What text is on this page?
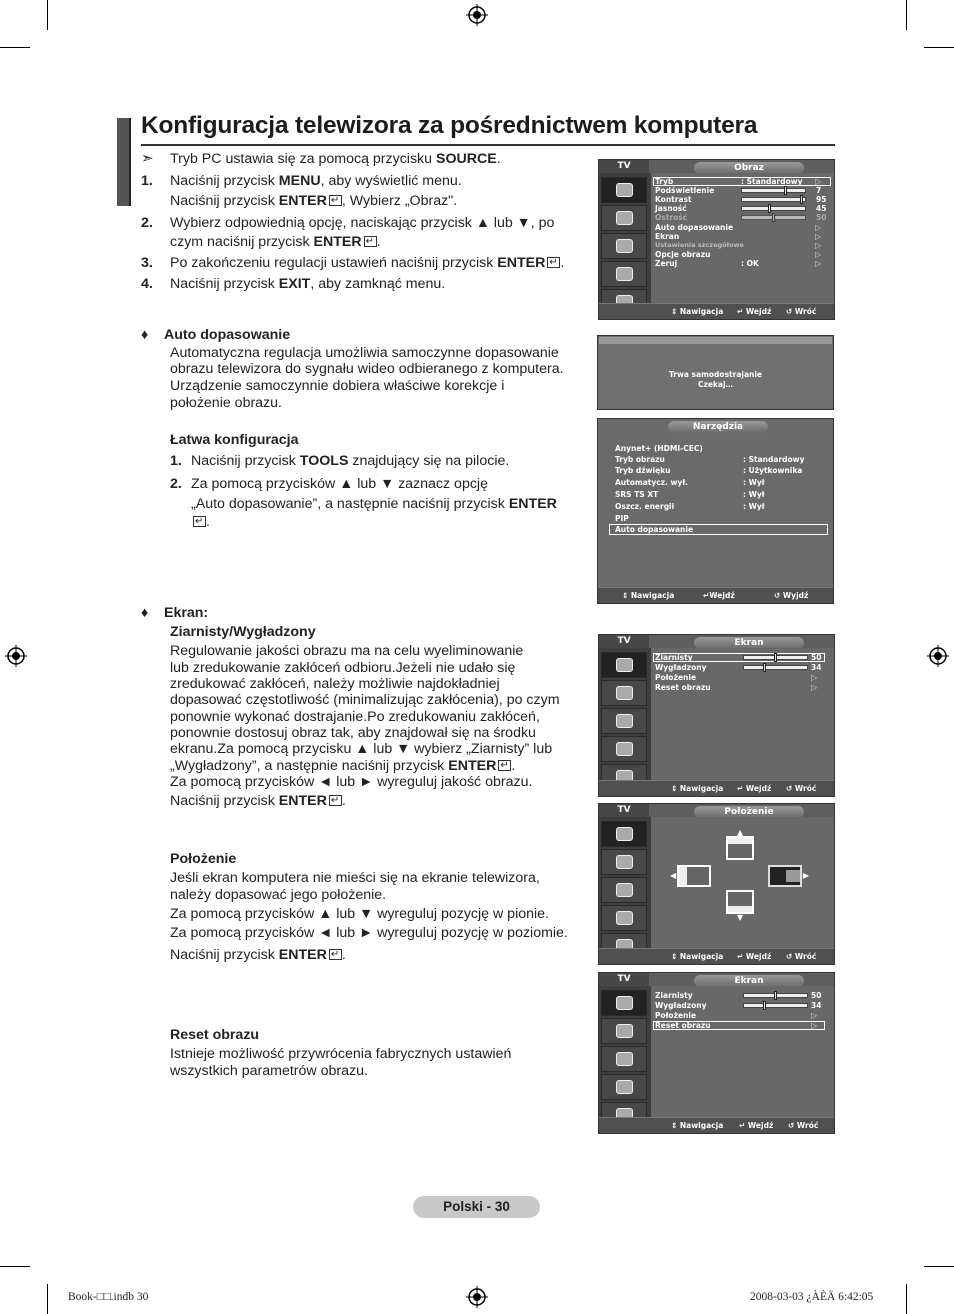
Konfiguracja telewizora za pośrednictwem komputera
➣ Tryb PC ustawia się za pomocą przycisku SOURCE.
1. Naciśnij przycisk MENU, aby wyświetlić menu.
Naciśnij przycisk ENTER ↵ , Wybierz „Obraz".
2. Wybierz odpowiednią opcję, naciskając przycisk ▲ lub ▼, po
czym naciśnij przycisk ENTER ↵ .
3. Po zakończeniu regulacji ustawień naciśnij przycisk ENTER ↵ .
4. Naciśnij przycisk EXIT, aby zamknąć menu.
♦ Auto dopasowanie
Automatyczna regulacja umożliwia samoczynne dopasowanie
obrazu telewizora do sygnału wideo odbieranego z komputera.
Urządzenie samoczynnie dobiera właściwe korekcje i
położenie obrazu.
Łatwa konfiguracja
1. Naciśnij przycisk TOOLS znajdujący się na pilocie.
2. Za pomocą przycisków ▲ lub ▼ zaznacz opcję
„Auto dopasowanie”, a następnie naciśnij przycisk ENTER
↵.
♦ Ekran:
Ziarnisty/Wygładzony
Regulowanie jakości obrazu ma na celu wyeliminowanie
lub zredukowanie zakłóceń odbioru.Jeżeli nie udało się
zredukować zakłóceń, należy możliwie najdokładniej
dopasować częstotliwość (minimalizując zakłócenia), po czym
ponownie wykonać dostrajanie.Po zredukowaniu zakłóceń,
ponownie dostosuj obraz tak, aby znajdował się na środku
ekranu.Za pomocą przycisku ▲ lub ▼ wybierz „Ziarnisty” lub
„Wygładzony”, a następnie naciśnij przycisk ENTER ↵ .
Za pomocą przycisków ◄ lub ► wyreguluj jakość obrazu.
Naciśnij przycisk ENTER ↵ .
Położenie
Jeśli ekran komputera nie mieści się na ekranie telewizora,
należy dopasować jego położenie.
Za pomocą przycisków ▲ lub ▼ wyreguluj pozycję w pionie.
Za pomocą przycisków ◄ lub ► wyreguluj pozycję w poziomie.
Naciśnij przycisk ENTER ↵ .
Reset obrazu
Istnieje możliwość przywrócenia fabrycznych ustawień
wszystkich parametrów obrazu.
TV	Obraz
Tryb	: Standardowy ▷
Podświetlenie	7
Kontrast	95
Jasność	45
Ostrość	50
Auto dopasowanie	▷
Ekran	▷
Ustawienia szczegółowe	▷
Opcje obrazu	▷
Zeruj	: OK	▷
⇕ Nawigacja ↵ Wejdź ↺ Wróć
Trwa samodostrajanie
Czekaj…
Narzędzia
Anynet+ (HDMI-CEC)
Tryb obrazu	: Standardowy
Tryb dźwięku	: Użytkownika
Automatycz. wył.	: Wył
SRS TS XT	: Wył
Oszcz. energii	: Wył
PIP
Auto dopasowanie
⇕ Nawigacja	↵Wejdź	↺ Wyjdź
TV	Ekran
Ziarnisty	50
Wygładzony	34
Położenie	▷
Reset obrazu	▷
⇕ Nawigacja ↵ Wejdź ↺ Wróć
TV	Położenie
▲
◀	▶
▼
⇕ Nawigacja ↵ Wejdź ↺ Wróć
TV	Ekran
Ziarnisty	50
Wygładzony	34
Położenie	▷
Reset obrazu	▷
⇕ Nawigacja ↵ Wejdź ↺ Wróć
Polski - 30
Book-□□.indb 30	2008-03-03 ¿ÀÈÄ 6:42:05
